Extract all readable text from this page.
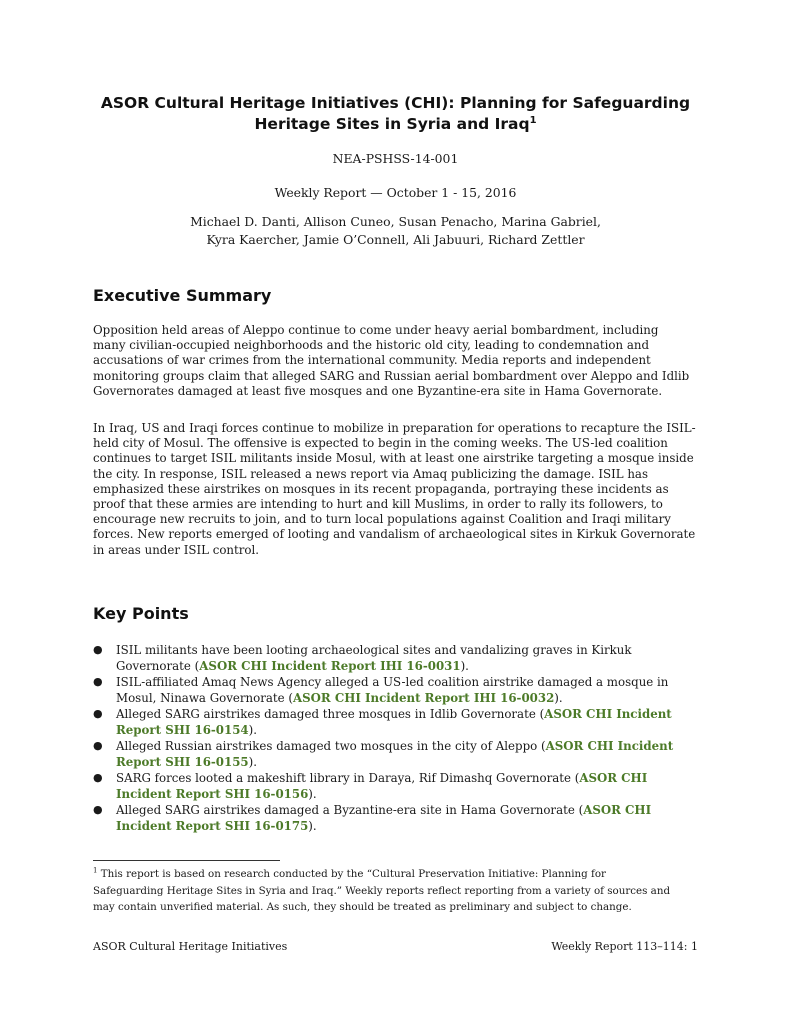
ASOR Cultural Heritage Initiatives (CHI): Planning for Safeguarding
Heritage Sites in Syria and Iraq$^1$
NEA-PSHSS-14-001
Weekly Report — October 1 - 15, 2016
Michael D. Danti, Allison Cuneo, Susan Penacho, Marina Gabriel,
Kyra Kaercher, Jamie O’Connell, Ali Jabuuri, Richard Zettler
Executive Summary

Opposition held areas of Aleppo continue to come under heavy aerial bombardment, including
many civilian-occupied neighborhoods and the historic old city, leading to condemnation and
accusations of war crimes from the international community. Media reports and independent
monitoring groups claim that alleged SARG and Russian aerial bombardment over Aleppo and Idlib
Governorates damaged at least five mosques and one Byzantine-era site in Hama Governorate.

In Iraq, US and Iraqi forces continue to mobilize in preparation for operations to recapture the ISIL-
held city of Mosul. The offensive is expected to begin in the coming weeks. The US-led coalition
continues to target ISIL militants inside Mosul, with at least one airstrike targeting a mosque inside
the city. In response, ISIL released a news report via Amaq publicizing the damage. ISIL has
emphasized these airstrikes on mosques in its recent propaganda, portraying these incidents as
proof that these armies are intending to hurt and kill Muslims, in order to rally its followers, to
encourage new recruits to join, and to turn local populations against Coalition and Iraqi military
forces. New reports emerged of looting and vandalism of archaeological sites in Kirkuk Governorate
in areas under ISIL control.

Key Points
● ISIL militants have been looting archaeological sites and vandalizing graves in Kirkuk
Governorate (ASOR CHI Incident Report IHI 16-0031).
● ISIL-affiliated Amaq News Agency alleged a US-led coalition airstrike damaged a mosque in
Mosul, Ninawa Governorate (ASOR CHI Incident Report IHI 16-0032).
● Alleged SARG airstrikes damaged three mosques in Idlib Governorate (ASOR CHI Incident
Report SHI 16-0154).
● Alleged Russian airstrikes damaged two mosques in the city of Aleppo (ASOR CHI Incident
Report SHI 16-0155).
● SARG forces looted a makeshift library in Daraya, Rif Dimashq Governorate (ASOR CHI
Incident Report SHI 16-0156).
● Alleged SARG airstrikes damaged a Byzantine-era site in Hama Governorate (ASOR CHI
Incident Report SHI 16-0175).
$^1$ This report is based on research conducted by the “Cultural Preservation Initiative: Planning for
Safeguarding Heritage Sites in Syria and Iraq.” Weekly reports reflect reporting from a variety of sources and
may contain unverified material. As such, they should be treated as preliminary and subject to change.
ASOR Cultural Heritage Initiatives	Weekly Report 113–114: 1
